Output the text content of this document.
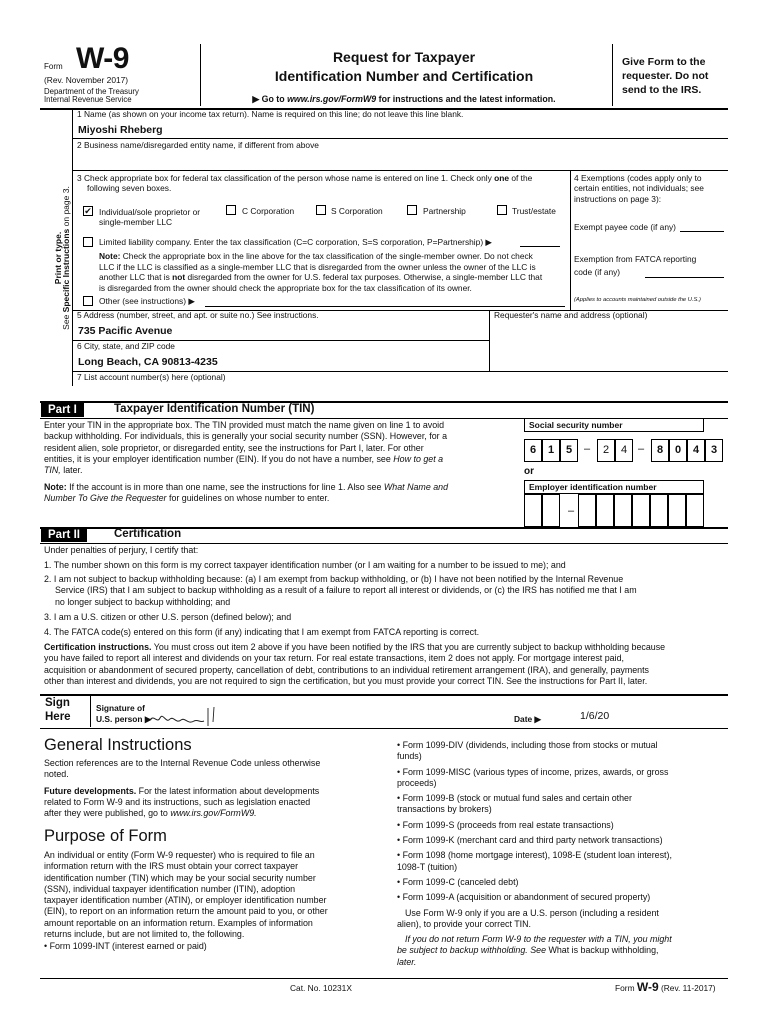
Form W-9
(Rev. November 2017)
Department of the Treasury
Internal Revenue Service
Request for Taxpayer
Identification Number and Certification
▶ Go to www.irs.gov/FormW9 for instructions and the latest information.
Give Form to the
requester. Do not
send to the IRS.
Print or type.
See Specific Instructions on page 3.
1 Name (as shown on your income tax return). Name is required on this line; do not leave this line blank.
Miyoshi Rheberg
2 Business name/disregarded entity name, if different from above
3 Check appropriate box for federal tax classification of the person whose name is entered on line 1. Check only one of the
following seven boxes.
✔ Individual/sole proprietor or
single-member LLC
C Corporation	S Corporation	Partnership	Trust/estate
Limited liability company. Enter the tax classification (C=C corporation, S=S corporation, P=Partnership) ▶
Note: Check the appropriate box in the line above for the tax classification of the single-member owner. Do not check
LLC if the LLC is classified as a single-member LLC that is disregarded from the owner unless the owner of the LLC is
another LLC that is not disregarded from the owner for U.S. federal tax purposes. Otherwise, a single-member LLC that
is disregarded from the owner should check the appropriate box for the tax classification of its owner.
Other (see instructions) ▶
4 Exemptions (codes apply only to
certain entities, not individuals; see
instructions on page 3):
Exempt payee code (if any)
Exemption from FATCA reporting
code (if any)
(Applies to accounts maintained outside the U.S.)
5 Address (number, street, and apt. or suite no.) See instructions.
735 Pacific Avenue
Requester's name and address (optional)
6 City, state, and ZIP code
Long Beach, CA 90813-4235
7 List account number(s) here (optional)
Part I	Taxpayer Identification Number (TIN)
Enter your TIN in the appropriate box. The TIN provided must match the name given on line 1 to avoid
backup withholding. For individuals, this is generally your social security number (SSN). However, for a
resident alien, sole proprietor, or disregarded entity, see the instructions for Part I, later. For other
entities, it is your employer identification number (EIN). If you do not have a number, see How to get a
TIN, later.
Note: If the account is in more than one name, see the instructions for line 1. Also see What Name and
Number To Give the Requester for guidelines on whose number to enter.
Social security number
6	1	5	–	2	4 –	8	0	4	3
or
Employer identification number
–
Part II	Certification
Under penalties of perjury, I certify that:
1. The number shown on this form is my correct taxpayer identification number (or I am waiting for a number to be issued to me); and
2. I am not subject to backup withholding because: (a) I am exempt from backup withholding, or (b) I have not been notified by the Internal Revenue
Service (IRS) that I am subject to backup withholding as a result of a failure to report all interest or dividends, or (c) the IRS has notified me that I am
no longer subject to backup withholding; and
3. I am a U.S. citizen or other U.S. person (defined below); and
4. The FATCA code(s) entered on this form (if any) indicating that I am exempt from FATCA reporting is correct.
Certification instructions. You must cross out item 2 above if you have been notified by the IRS that you are currently subject to backup withholding because
you have failed to report all interest and dividends on your tax return. For real estate transactions, item 2 does not apply. For mortgage interest paid,
acquisition or abandonment of secured property, cancellation of debt, contributions to an individual retirement arrangement (IRA), and generally, payments
other than interest and dividends, you are not required to sign the certification, but you must provide your correct TIN. See the instructions for Part II, later.
Sign
Here
Signature of
U.S. person ▶	Date ▶	1/6/20
General Instructions
Section references are to the Internal Revenue Code unless otherwise
noted.
Future developments. For the latest information about developments
related to Form W-9 and its instructions, such as legislation enacted
after they were published, go to www.irs.gov/FormW9.
Purpose of Form
An individual or entity (Form W-9 requester) who is required to file an
information return with the IRS must obtain your correct taxpayer
identification number (TIN) which may be your social security number
(SSN), individual taxpayer identification number (ITIN), adoption
taxpayer identification number (ATIN), or employer identification number
(EIN), to report on an information return the amount paid to you, or other
amount reportable on an information return. Examples of information
returns include, but are not limited to, the following.
• Form 1099-INT (interest earned or paid)
• Form 1099-DIV (dividends, including those from stocks or mutual
funds)
• Form 1099-MISC (various types of income, prizes, awards, or gross
proceeds)
• Form 1099-B (stock or mutual fund sales and certain other
transactions by brokers)
• Form 1099-S (proceeds from real estate transactions)
• Form 1099-K (merchant card and third party network transactions)
• Form 1098 (home mortgage interest), 1098-E (student loan interest),
1098-T (tuition)
• Form 1099-C (canceled debt)
• Form 1099-A (acquisition or abandonment of secured property)
Use Form W-9 only if you are a U.S. person (including a resident
alien), to provide your correct TIN.
If you do not return Form W-9 to the requester with a TIN, you might
be subject to backup withholding. See What is backup withholding,
later.
Cat. No. 10231X	Form W-9 (Rev. 11-2017)
